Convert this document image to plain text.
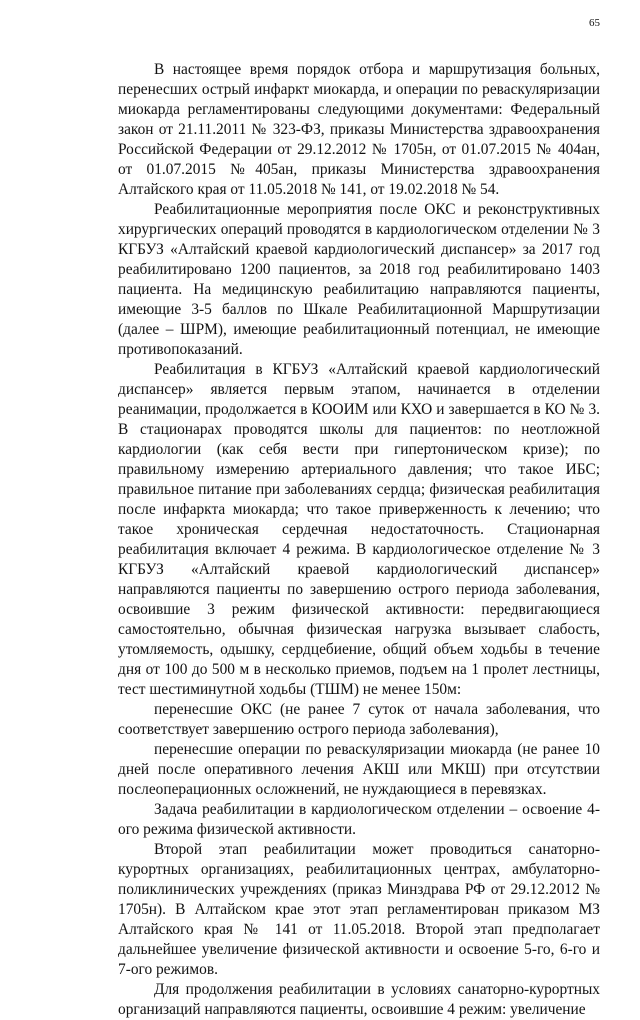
65

В настоящее время порядок отбора и маршрутизация больных, перенесших острый инфаркт миокарда, и операции по реваскуляризации миокарда регламентированы следующими документами: Федеральный закон от 21.11.2011 № 323-ФЗ, приказы Министерства здравоохранения Российской Федерации от 29.12.2012 № 1705н, от 01.07.2015 № 404ан, от 01.07.2015 №405ан, приказы Министерства здравоохранения Алтайского края от 11.05.2018 № 141, от 19.02.2018 № 54.

Реабилитационные мероприятия после ОКС и реконструктивных хирургических операций проводятся в кардиологическом отделении № 3 КГБУЗ «Алтайский краевой кардиологический диспансер» за 2017 год реабилитировано 1200 пациентов, за 2018 год реабилитировано 1403 пациента. На медицинскую реабилитацию направляются пациенты, имеющие 3-5 баллов по Шкале Реабилитационной Маршрутизации (далее – ШРМ), имеющие реабилитационный потенциал, не имеющие противопоказаний.

Реабилитация в КГБУЗ «Алтайский краевой кардиологический диспансер» является первым этапом, начинается в отделении реанимации, продолжается в КООИМ или КХО и завершается в КО № 3. В стационарах проводятся школы для пациентов: по неотложной кардиологии (как себя вести при гипертоническом кризе); по правильному измерению артериального давления; что такое ИБС; правильное питание при заболеваниях сердца; физическая реабилитация после инфаркта миокарда; что такое приверженность к лечению; что такое хроническая сердечная недостаточность. Стационарная реабилитация включает 4 режима. В кардиологическое отделение № 3 КГБУЗ «Алтайский краевой кардиологический диспансер» направляются пациенты по завершению острого периода заболевания, освоившие 3 режим физической активности: передвигающиеся самостоятельно, обычная физическая нагрузка вызывает слабость, утомляемость, одышку, сердцебиение, общий объем ходьбы в течение дня от 100 до 500 м в несколько приемов, подъем на 1 пролет лестницы, тест шестиминутной ходьбы (ТШМ) не менее 150м:

перенесшие ОКС (не ранее 7 суток от начала заболевания, что соответствует завершению острого периода заболевания),

перенесшие операции по реваскуляризации миокарда (не ранее 10 дней после оперативного лечения АКШ или МКШ) при отсутствии послеоперационных осложнений, не нуждающиеся в перевязках.

Задача реабилитации в кардиологическом отделении – освоение 4-ого режима физической активности.

Второй этап реабилитации может проводиться санаторно-курортных организациях, реабилитационных центрах, амбулаторно-поликлинических учреждениях (приказ Минздрава РФ от 29.12.2012 № 1705н). В Алтайском крае этот этап регламентирован приказом МЗ Алтайского края № 141 от 11.05.2018. Второй этап предполагает дальнейшее увеличение физической активности и освоение 5-го, 6-го и 7-ого режимов.

Для продолжения реабилитации в условиях санаторно-курортных организаций направляются пациенты, освоившие 4 режим: увеличение
